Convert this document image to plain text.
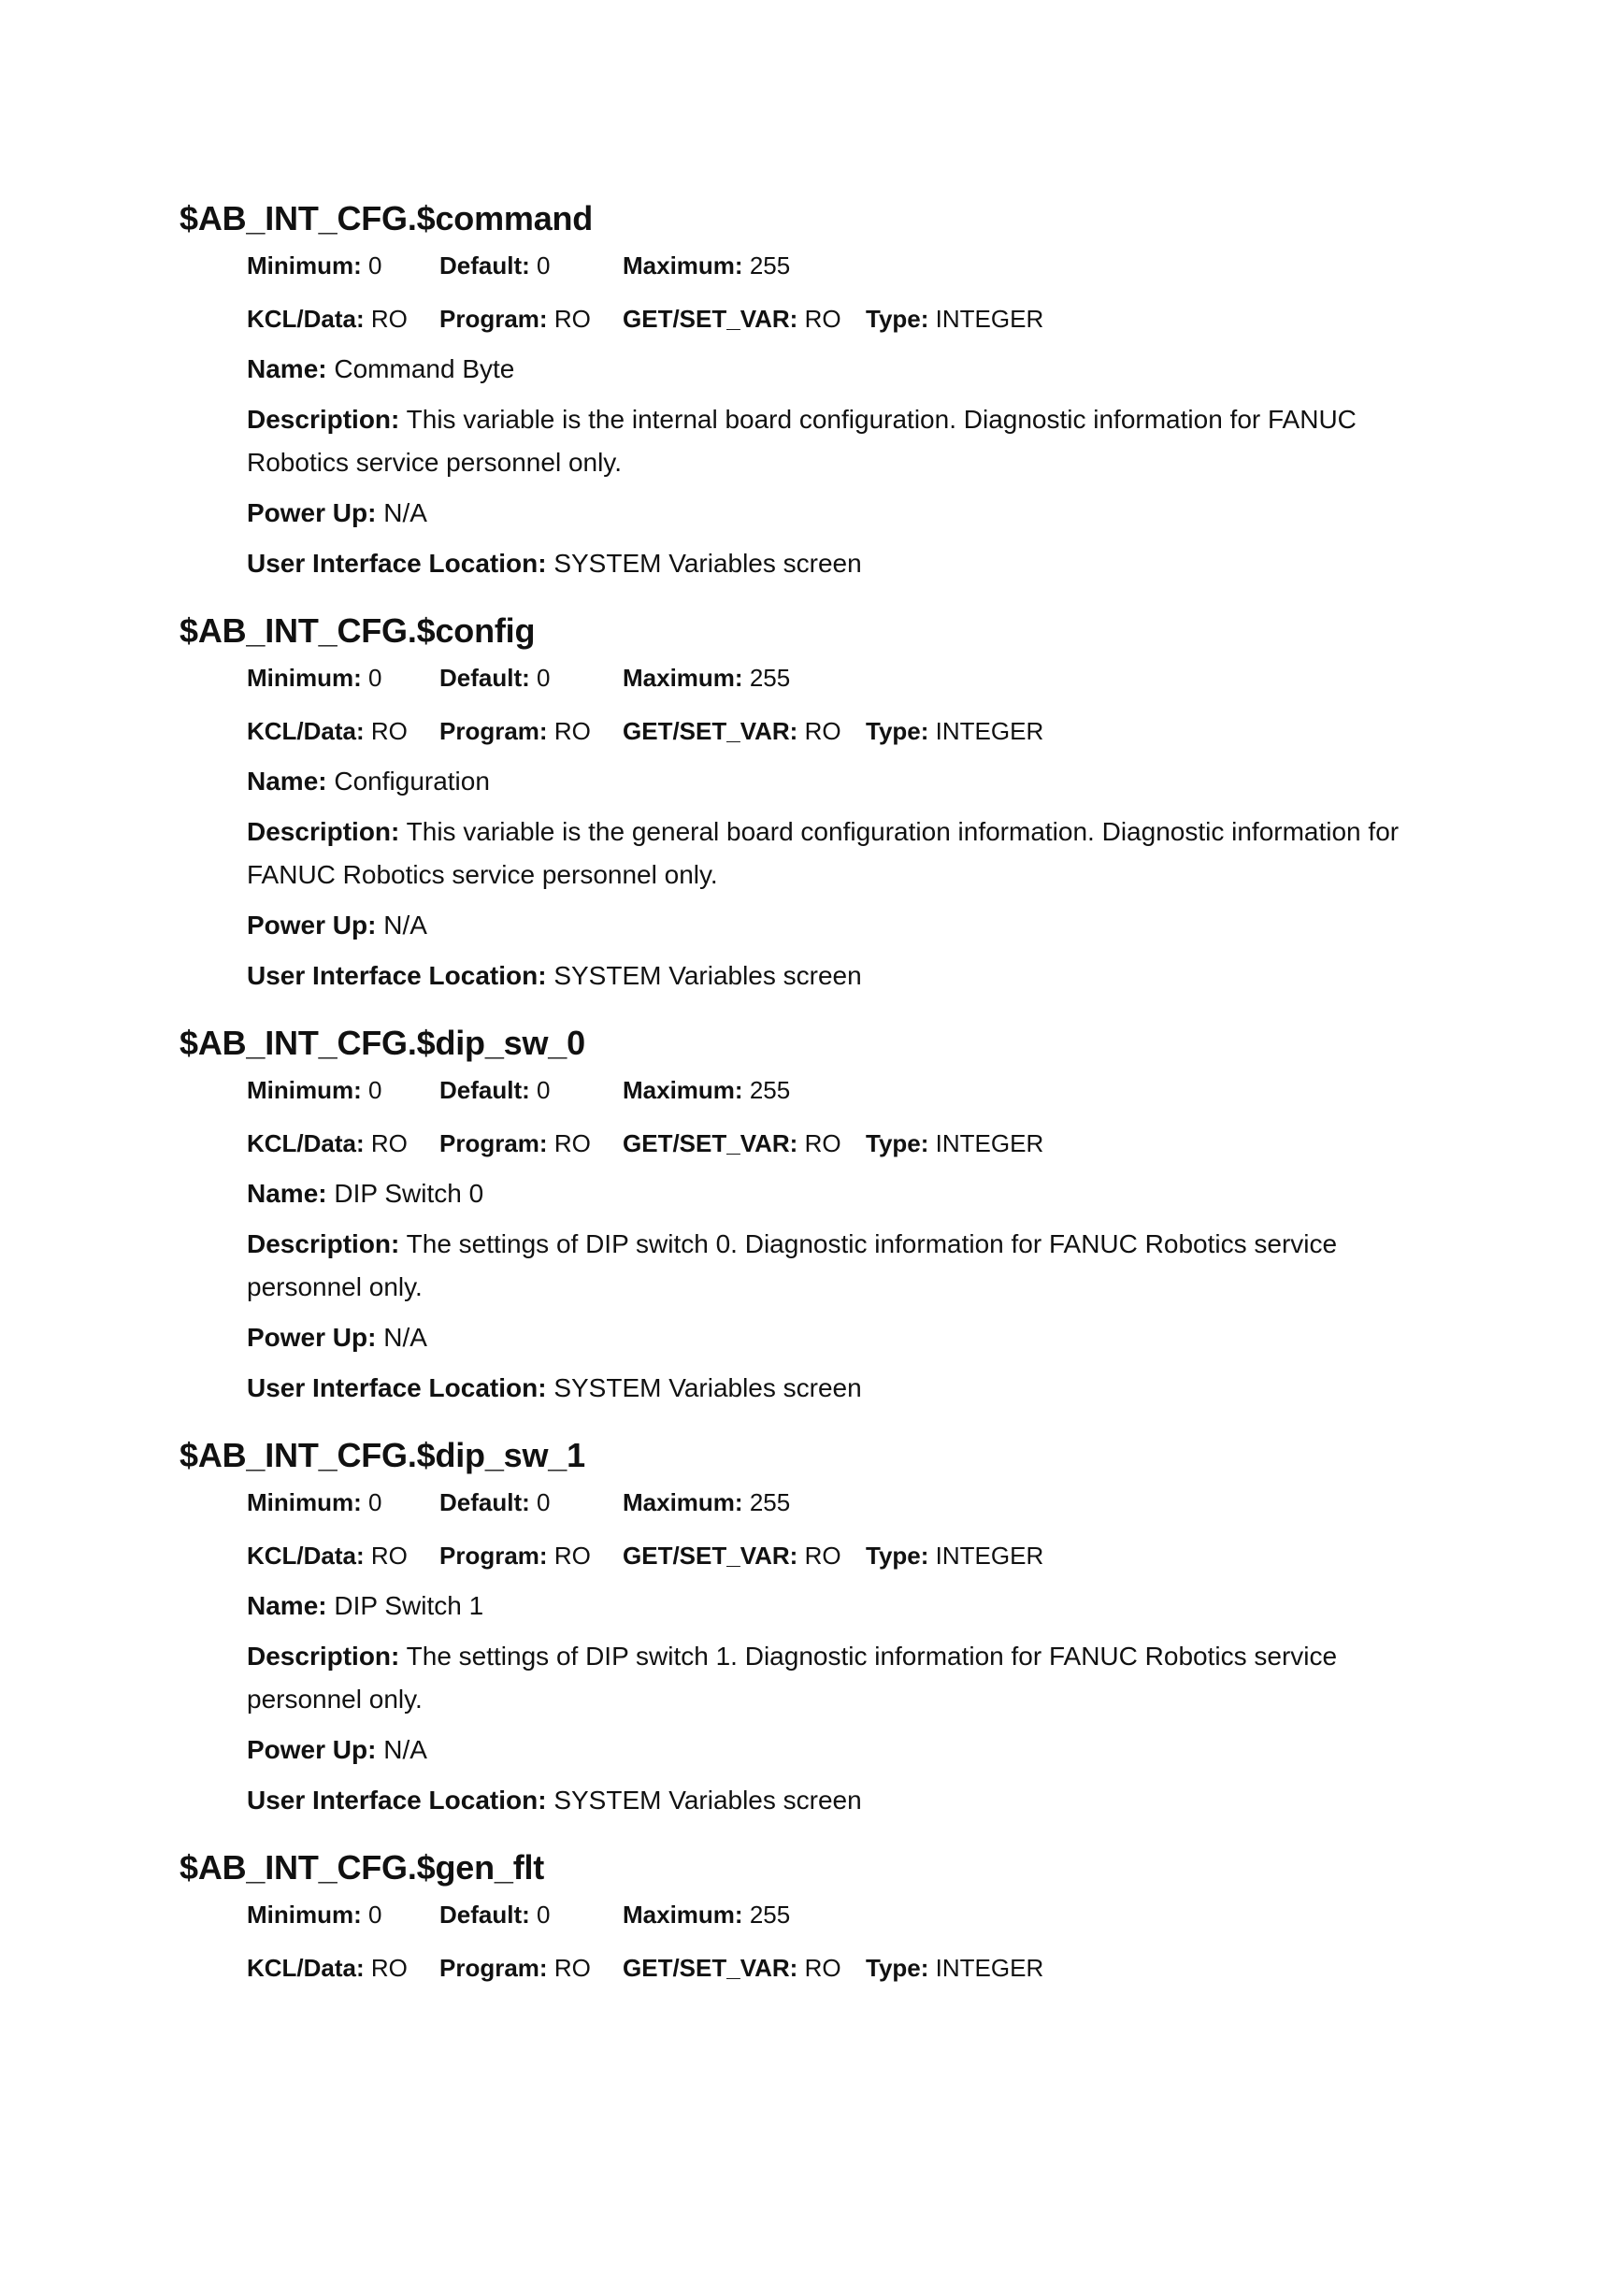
$AB_INT_CFG.$command
Minimum: 0	Default: 0	Maximum: 255
KCL/Data: RO	Program: RO	GET/SET_VAR: RO	Type: INTEGER

Name: Command Byte

Description: This variable is the internal board configuration. Diagnostic information for FANUC Robotics service personnel only.

Power Up: N/A

User Interface Location: SYSTEM Variables screen

$AB_INT_CFG.$config
Minimum: 0	Default: 0	Maximum: 255
KCL/Data: RO	Program: RO	GET/SET_VAR: RO	Type: INTEGER

Name: Configuration

Description: This variable is the general board configuration information. Diagnostic information for FANUC Robotics service personnel only.

Power Up: N/A

User Interface Location: SYSTEM Variables screen

$AB_INT_CFG.$dip_sw_0
Minimum: 0	Default: 0	Maximum: 255
KCL/Data: RO	Program: RO	GET/SET_VAR: RO	Type: INTEGER

Name: DIP Switch 0

Description: The settings of DIP switch 0. Diagnostic information for FANUC Robotics service personnel only.

Power Up: N/A

User Interface Location: SYSTEM Variables screen

$AB_INT_CFG.$dip_sw_1
Minimum: 0	Default: 0	Maximum: 255
KCL/Data: RO	Program: RO	GET/SET_VAR: RO	Type: INTEGER

Name: DIP Switch 1

Description: The settings of DIP switch 1. Diagnostic information for FANUC Robotics service personnel only.

Power Up: N/A

User Interface Location: SYSTEM Variables screen

$AB_INT_CFG.$gen_flt
Minimum: 0	Default: 0	Maximum: 255
KCL/Data: RO	Program: RO	GET/SET_VAR: RO	Type: INTEGER
